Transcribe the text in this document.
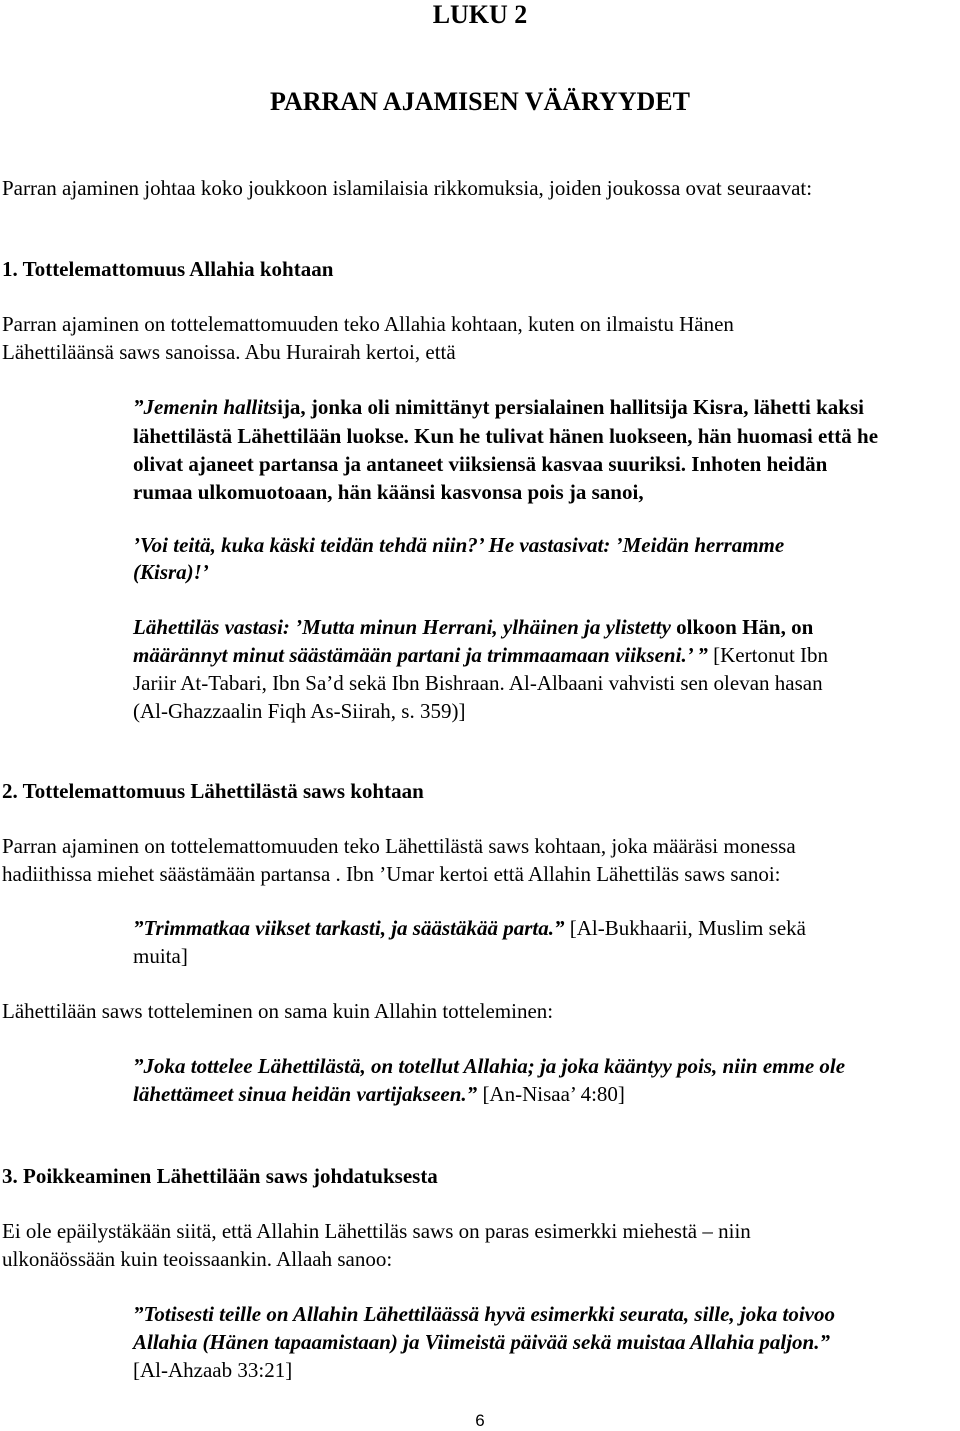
LUKU 2
PARRAN AJAMISEN VÄÄRYYDET
Parran ajaminen johtaa koko joukkoon islamilaisia rikkomuksia, joiden joukossa ovat seuraavat:
1. Tottelemattomuus Allahia kohtaan
Parran ajaminen on tottelemattomuuden teko Allahia kohtaan, kuten on ilmaistu Hänen
Lähettiläänsä saws sanoissa. Abu Hurairah kertoi, että
”Jemenin hallitsija, jonka oli nimittänyt persialainen hallitsija Kisra, lähetti kaksi
lähettilästä Lähettilään luokse. Kun he tulivat hänen luokseen, hän huomasi että he
olivat ajaneet partansa ja antaneet viiksiensä kasvaa suuriksi. Inhoten heidän
rumaa ulkomuotoaan, hän käänsi kasvonsa pois ja sanoi,
’Voi teitä, kuka käski teidän tehdä niin?’ He vastasivat: ’Meidän herramme
(Kisra)!’
Lähettiläs vastasi: ’Mutta minun Herrani, ylhäinen ja ylistetty olkoon Hän, on
määrännyt minut säästämään partani ja trimmaamaan viikseni.’ ” [Kertonut Ibn
Jariir At-Tabari, Ibn Sa’d sekä Ibn Bishraan. Al-Albaani vahvisti sen olevan hasan
(Al-Ghazzaalin Fiqh As-Siirah, s. 359)]
2. Tottelemattomuus Lähettilästä saws kohtaan
Parran ajaminen on tottelemattomuuden teko Lähettilästä saws kohtaan, joka määräsi monessa
hadiithissa miehet säästämään partansa . Ibn ’Umar kertoi että Allahin Lähettiläs saws sanoi:
”Trimmatkaa viikset tarkasti, ja säästäkää parta.” [Al-Bukhaarii, Muslim sekä
muita]
Lähettilään saws totteleminen on sama kuin Allahin totteleminen:
”Joka tottelee Lähettilästä, on totellut Allahia; ja joka kääntyy pois, niin emme ole
lähettämeet sinua heidän vartijakseen.” [An-Nisaa’ 4:80]
3. Poikkeaminen Lähettilään saws johdatuksesta
Ei ole epäilystäkään siitä, että Allahin Lähettiläs saws on paras esimerkki miehestä – niin
ulkonäössään kuin teoissaankin. Allaah sanoo:
”Totisesti teille on Allahin Lähettiläässä hyvä esimerkki seurata, sille, joka toivoo
Allahia (Hänen tapaamistaan) ja Viimeistä päivää sekä muistaa Allahia paljon.”
[Al-Ahzaab 33:21]
6
